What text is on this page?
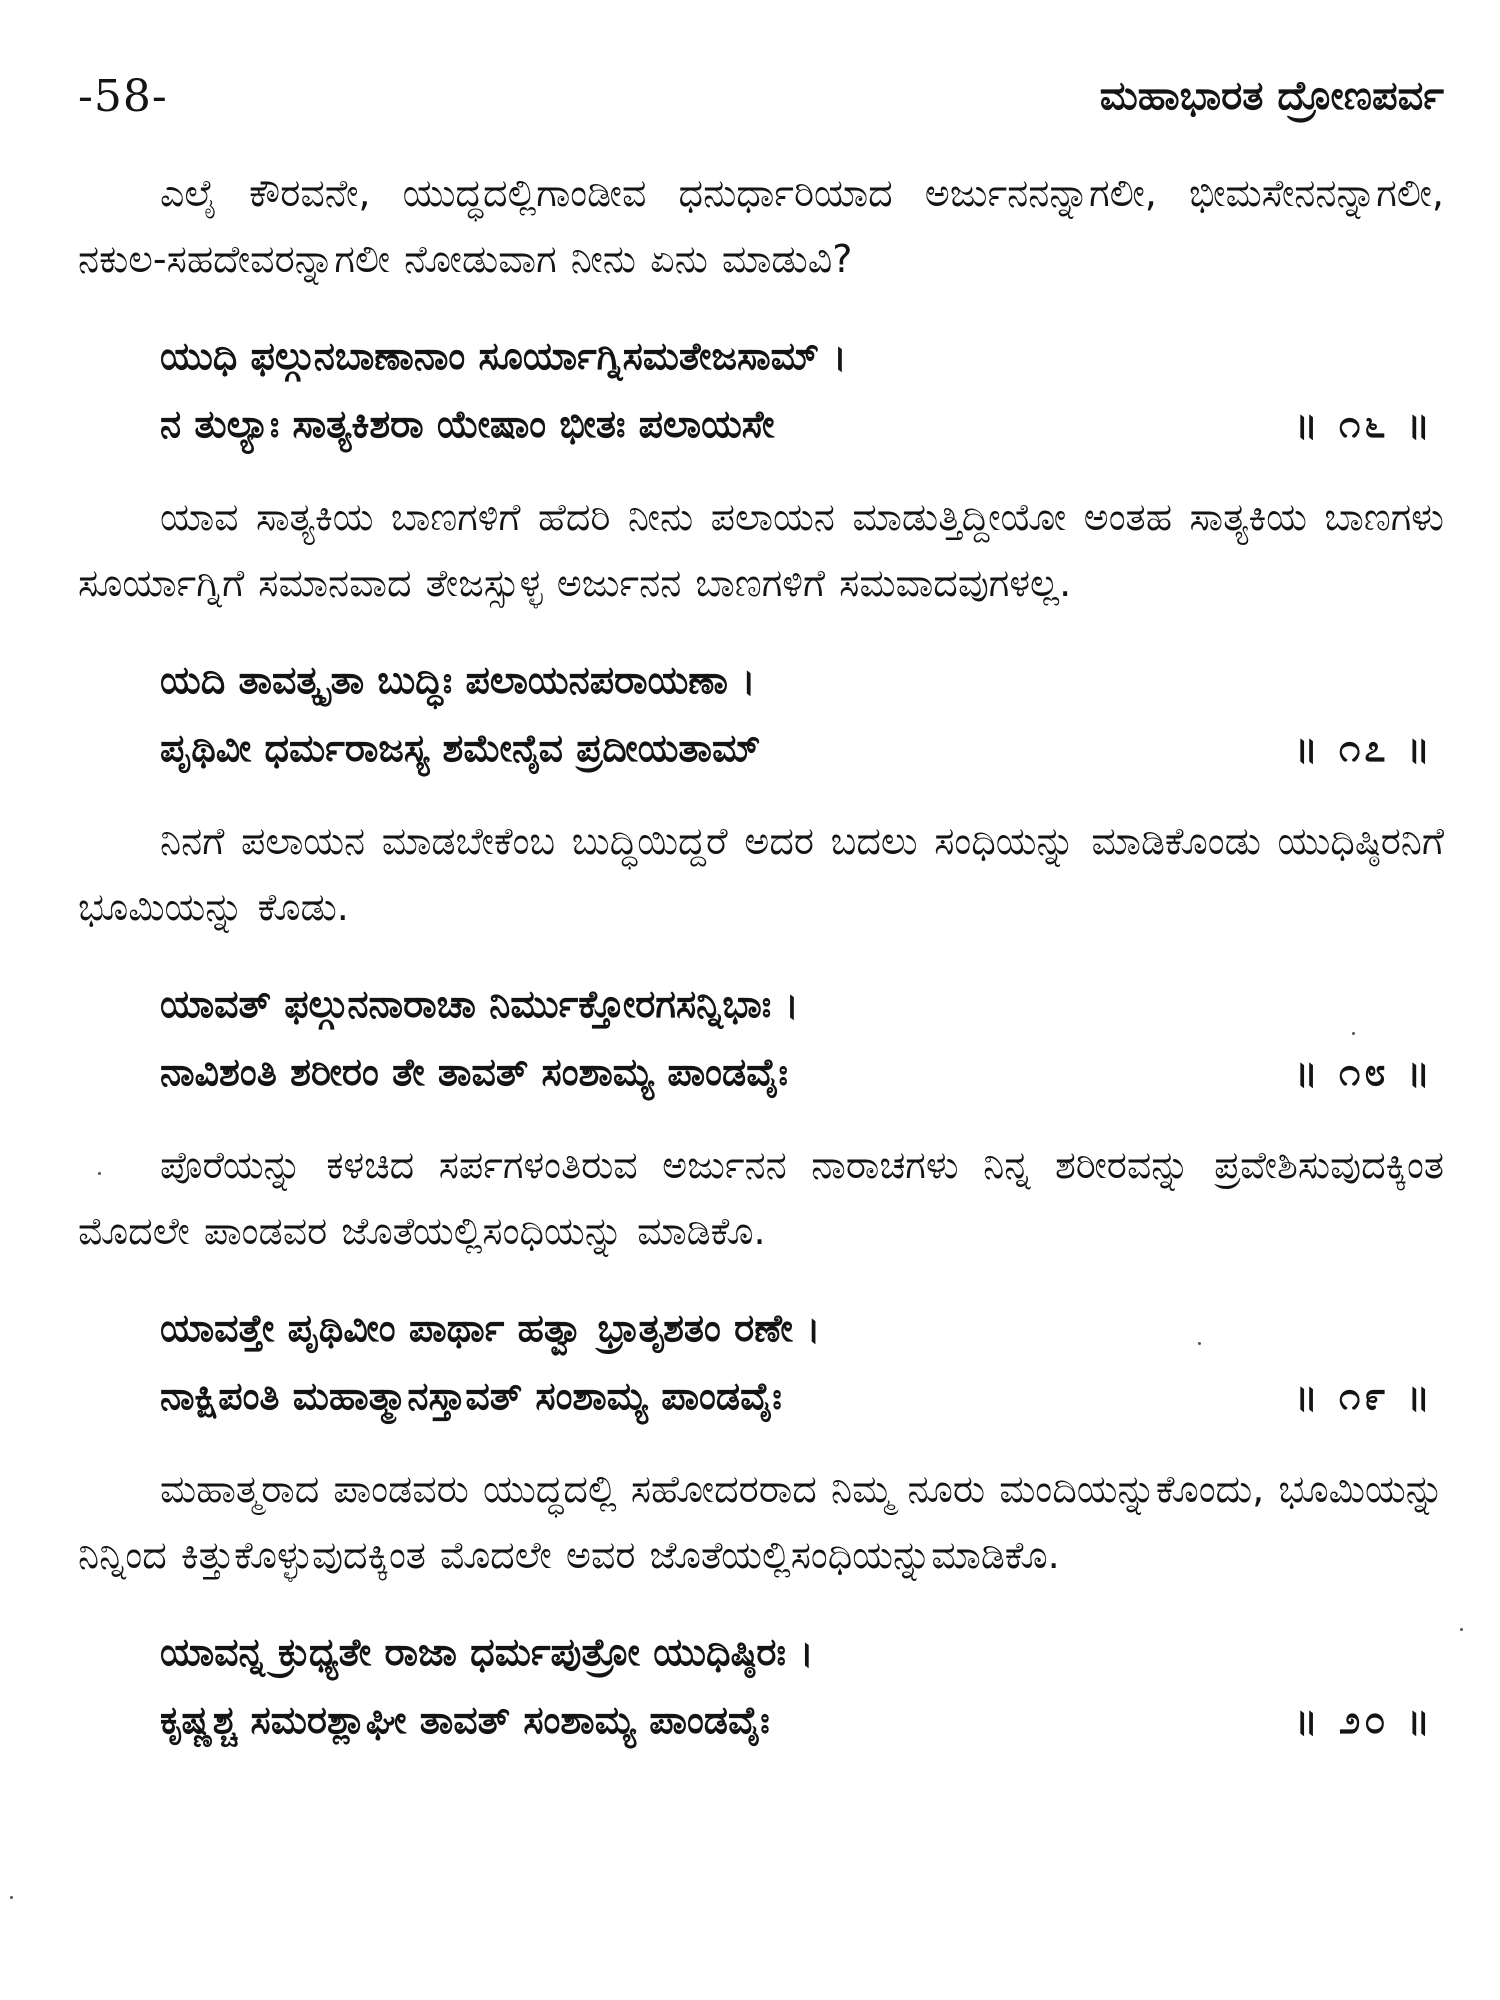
-58-	ಮಹಾಭಾರತ ದ್ರೋಣಪರ್ವ

ಎಲೈ ಕೌರವನೇ, ಯುದ್ಧದಲ್ಲಿಗಾಂಡೀವ ಧನುರ್ಧಾರಿಯಾದ ಅರ್ಜುನನನ್ನಾಗಲೀ, ಭೀಮಸೇನನನ್ನಾಗಲೀ, ನಕುಲ-ಸಹದೇವರನ್ನಾಗಲೀ ನೋಡುವಾಗ ನೀನು ಏನು ಮಾಡುವಿ?

ಯುಧಿ ಫಲ್ಗುನಬಾಣಾನಾಂ ಸೂರ್ಯಾಗ್ನಿಸಮತೇಜಸಾಮ್ ।
ನ ತುಲ್ಯಾಃ ಸಾತ್ಯಕಿಶರಾ ಯೇಷಾಂ ಭೀತಃ ಪಲಾಯಸೇ	॥ ೧೬ ॥

ಯಾವ ಸಾತ್ಯಕಿಯ ಬಾಣಗಳಿಗೆ ಹೆದರಿ ನೀನು ಪಲಾಯನ ಮಾಡುತ್ತಿದ್ದೀಯೋ ಅಂತಹ ಸಾತ್ಯಕಿಯ ಬಾಣಗಳು ಸೂರ್ಯಾಗ್ನಿಗೆ ಸಮಾನವಾದ ತೇಜಸ್ಸುಳ್ಳ ಅರ್ಜುನನ ಬಾಣಗಳಿಗೆ ಸಮವಾದವುಗಳಲ್ಲ.

ಯದಿ ತಾವತ್ಕೃತಾ ಬುದ್ಧಿಃ ಪಲಾಯನಪರಾಯಣಾ ।
ಪೃಥಿವೀ ಧರ್ಮರಾಜಸ್ಯ ಶಮೇನೈವ ಪ್ರದೀಯತಾಮ್	॥ ೧೭ ॥

ನಿನಗೆ ಪಲಾಯನ ಮಾಡಬೇಕೆಂಬ ಬುದ್ಧಿಯಿದ್ದರೆ ಅದರ ಬದಲು ಸಂಧಿಯನ್ನು ಮಾಡಿಕೊಂಡು ಯುಧಿಷ್ಠಿರನಿಗೆ ಭೂಮಿಯನ್ನು ಕೊಡು.

ಯಾವತ್ ಫಲ್ಗುನನಾರಾಚಾ ನಿರ್ಮುಕ್ತೋರಗಸನ್ನಿಭಾಃ ।
ನಾವಿಶಂತಿ ಶರೀರಂ ತೇ ತಾವತ್ ಸಂಶಾಮ್ಯ ಪಾಂಡವೈಃ	॥ ೧೮ ॥

ಪೊರೆಯನ್ನು ಕಳಚಿದ ಸರ್ಪಗಳಂತಿರುವ ಅರ್ಜುನನ ನಾರಾಚಗಳು ನಿನ್ನ ಶರೀರವನ್ನು ಪ್ರವೇಶಿಸುವುದಕ್ಕಿಂತ ಮೊದಲೇ ಪಾಂಡವರ ಜೊತೆಯಲ್ಲಿಸಂಧಿಯನ್ನು ಮಾಡಿಕೊ.

ಯಾವತ್ತೇ ಪೃಥಿವೀಂ ಪಾರ್ಥಾ ಹತ್ವಾ ಭ್ರಾತೃಶತಂ ರಣೇ ।
ನಾಕ್ಷಿಪಂತಿ ಮಹಾತ್ಮಾನಸ್ತಾವತ್ ಸಂಶಾಮ್ಯ ಪಾಂಡವೈಃ	॥ ೧೯ ॥

ಮಹಾತ್ಮರಾದ ಪಾಂಡವರು ಯುದ್ಧದಲ್ಲಿ ಸಹೋದರರಾದ ನಿಮ್ಮ ನೂರು ಮಂದಿಯನ್ನುಕೊಂದು, ಭೂಮಿಯನ್ನು ನಿನ್ನಿಂದ ಕಿತ್ತುಕೊಳ್ಳುವುದಕ್ಕಿಂತ ಮೊದಲೇ ಅವರ ಜೊತೆಯಲ್ಲಿಸಂಧಿಯನ್ನುಮಾಡಿಕೊ.

ಯಾವನ್ನ ಕ್ರುಧ್ಯತೇ ರಾಜಾ ಧರ್ಮಪುತ್ರೋ ಯುಧಿಷ್ಠಿರಃ ।
ಕೃಷ್ಣಶ್ಚ ಸಮರಶ್ಲಾಘೀ ತಾವತ್ ಸಂಶಾಮ್ಯ ಪಾಂಡವೈಃ	॥ ೨೦ ॥
